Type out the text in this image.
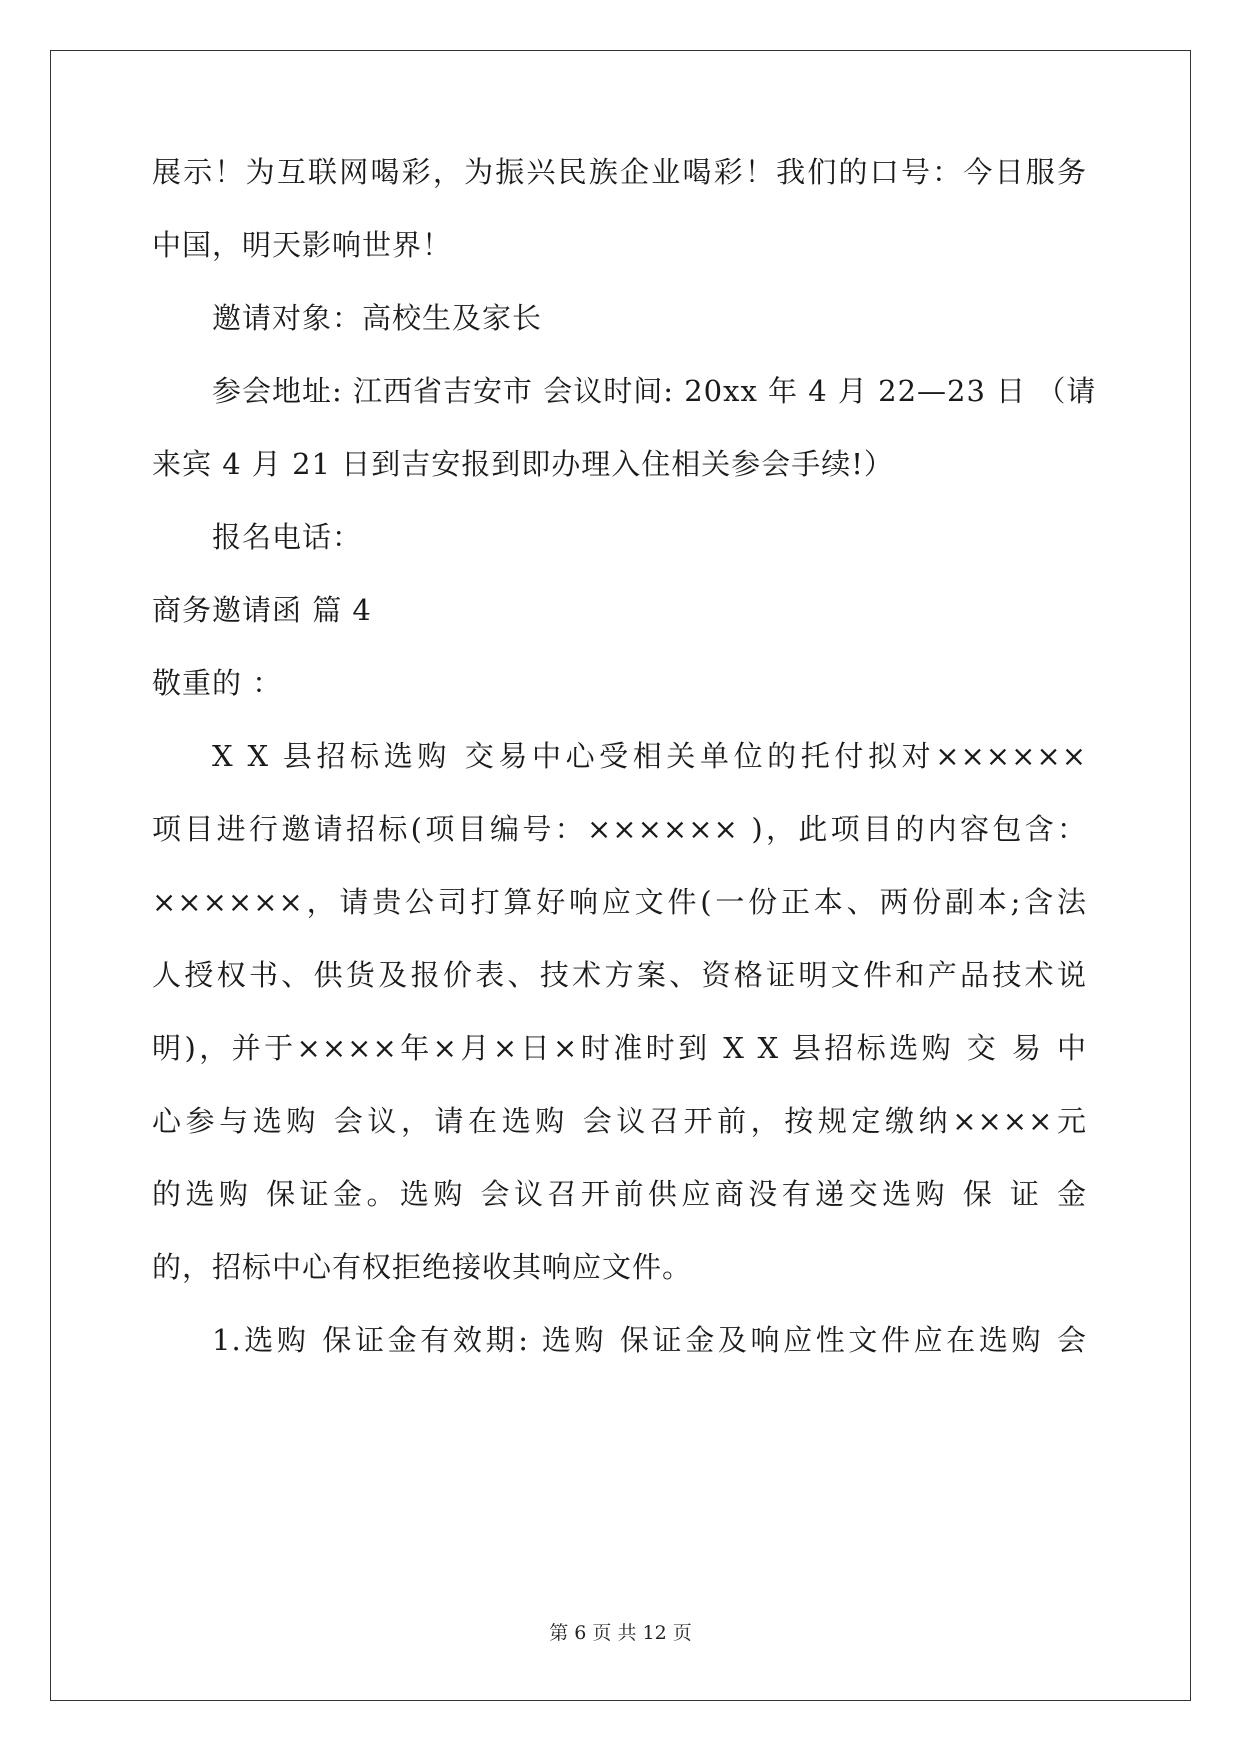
展示！为互联网喝彩，为振兴民族企业喝彩！我们的口号：今日服务
中国，明天影响世界！
邀请对象：高校生及家长
参会地址: 江西省吉安市 会议时间: 20xx 年 4 月 22—23 日 （请
来宾 4 月 21 日到吉安报到即办理入住相关参会手续!）
报名电话：
商务邀请函 篇 4
敬重的 ：
X X 县招标选购 交易中心受相关单位的托付拟对××××××
项目进行邀请招标(项目编号：×××××× )，此项目的内容包含：
××××××，请贵公司打算好响应文件(一份正本、两份副本;含法
人授权书、供货及报价表、技术方案、资格证明文件和产品技术说
明)，并于××××年×月×日×时准时到 X X 县招标选购 交 易 中
心参与选购 会议，请在选购 会议召开前，按规定缴纳××××元
的选购 保证金。选购 会议召开前供应商没有递交选购 保 证 金
的，招标中心有权拒绝接收其响应文件。
1.选购 保证金有效期: 选购 保证金及响应性文件应在选购 会
第 6 页 共 12 页
